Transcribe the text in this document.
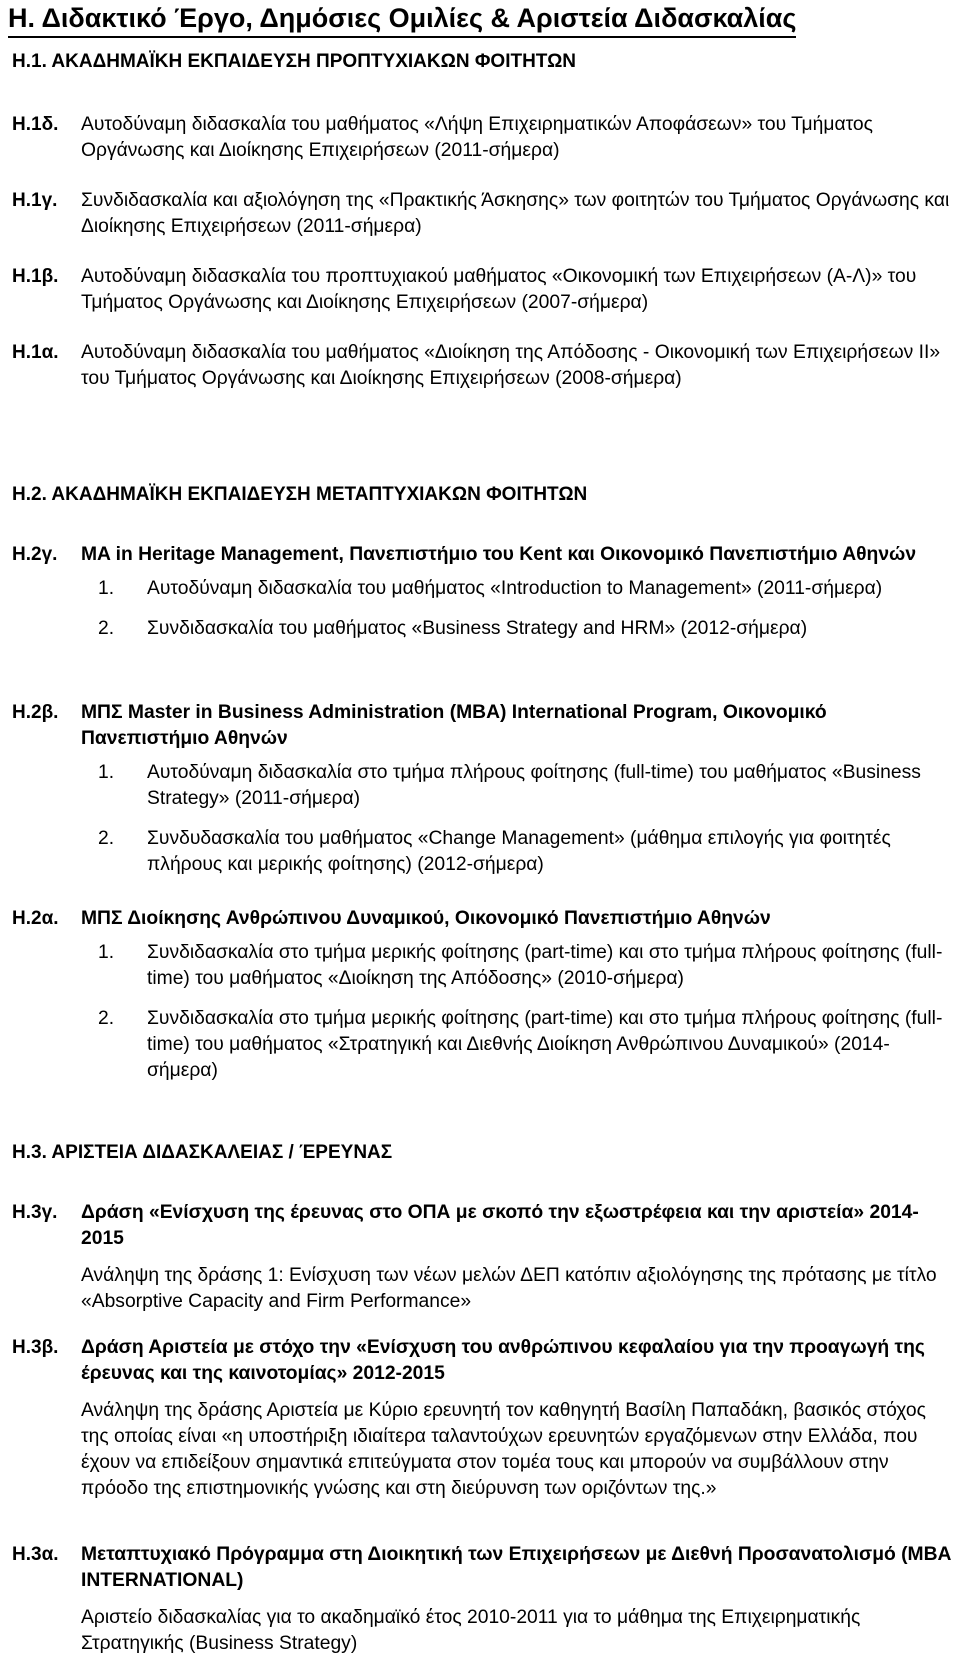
Η. Διδακτικό Έργο, Δημόσιες Ομιλίες & Αριστεία Διδασκαλίας
Η.1. ΑΚΑΔΗΜΑΪΚΗ ΕΚΠΑΙΔΕΥΣΗ ΠΡΟΠΤΥΧΙΑΚΩΝ ΦΟΙΤΗΤΩΝ
Η.1δ. Αυτοδύναμη διδασκαλία του μαθήματος «Λήψη Επιχειρηματικών Αποφάσεων» του Τμήματος Οργάνωσης και Διοίκησης Επιχειρήσεων (2011-σήμερα)
Η.1γ. Συνδιδασκαλία και αξιολόγηση της «Πρακτικής Άσκησης» των φοιτητών του Τμήματος Οργάνωσης και Διοίκησης Επιχειρήσεων (2011-σήμερα)
Η.1β. Αυτοδύναμη διδασκαλία του προπτυχιακού μαθήματος «Οικονομική των Επιχειρήσεων (Α-Λ)» του Τμήματος Οργάνωσης και Διοίκησης Επιχειρήσεων (2007-σήμερα)
Η.1α. Αυτοδύναμη διδασκαλία του μαθήματος «Διοίκηση της Απόδοσης - Οικονομική των Επιχειρήσεων ΙΙ» του Τμήματος Οργάνωσης και Διοίκησης Επιχειρήσεων (2008-σήμερα)
Η.2. ΑΚΑΔΗΜΑΪΚΗ ΕΚΠΑΙΔΕΥΣΗ ΜΕΤΑΠΤΥΧΙΑΚΩΝ ΦΟΙΤΗΤΩΝ
Η.2γ. MA in Heritage Management, Πανεπιστήμιο του Kent και Οικονομικό Πανεπιστήμιο Αθηνών
1.	Αυτοδύναμη διδασκαλία του μαθήματος «Introduction to Management» (2011-σήμερα)
2.	Συνδιδασκαλία του μαθήματος «Business Strategy and HRM» (2012-σήμερα)
Η.2β. ΜΠΣ Master in Business Administration (MBA) International Program, Οικονομικό Πανεπιστήμιο Αθηνών
1.	Αυτοδύναμη διδασκαλία στο τμήμα πλήρους φοίτησης (full-time) του μαθήματος «Business Strategy» (2011-σήμερα)
2.	Συνδυδασκαλία του μαθήματος «Change Management» (μάθημα επιλογής για φοιτητές πλήρους και μερικής φοίτησης) (2012-σήμερα)
Η.2α. ΜΠΣ Διοίκησης Ανθρώπινου Δυναμικού, Οικονομικό Πανεπιστήμιο Αθηνών
1.	Συνδιδασκαλία στο τμήμα μερικής φοίτησης (part-time) και στο τμήμα πλήρους φοίτησης (full-time) του μαθήματος «Διοίκηση της Απόδοσης» (2010-σήμερα)
2.	Συνδιδασκαλία στο τμήμα μερικής φοίτησης (part-time) και στο τμήμα πλήρους φοίτησης (full-time) του μαθήματος «Στρατηγική και Διεθνής Διοίκηση Ανθρώπινου Δυναμικού» (2014-σήμερα)
Η.3. ΑΡΙΣΤΕΙΑ ΔΙΔΑΣΚΑΛΕΙΑΣ / ΈΡΕΥΝΑΣ
Η.3γ. Δράση «Ενίσχυση της έρευνας στο ΟΠΑ με σκοπό την εξωστρέφεια και την αριστεία» 2014-2015
Ανάληψη της δράσης 1: Ενίσχυση των νέων μελών ΔΕΠ κατόπιν αξιολόγησης της πρότασης με τίτλο «Absorptive Capacity and Firm Performance»
Η.3β. Δράση Αριστεία με στόχο την «Ενίσχυση του ανθρώπινου κεφαλαίου για την προαγωγή της έρευνας και της καινοτομίας» 2012-2015
Ανάληψη της δράσης Αριστεία με Κύριο ερευνητή τον καθηγητή Βασίλη Παπαδάκη, βασικός στόχος της οποίας είναι «η υποστήριξη ιδιαίτερα ταλαντούχων ερευνητών εργαζόμενων στην Ελλάδα, που έχουν να επιδείξουν σημαντικά επιτεύγματα στον τομέα τους και μπορούν να συμβάλλουν στην πρόοδο της επιστημονικής γνώσης και στη διεύρυνση των οριζόντων της.»
Η.3α. Μεταπτυχιακό Πρόγραμμα στη Διοικητική των Επιχειρήσεων με Διεθνή Προσανατολισμό (MBA INTERNATIONAL)
Αριστείο διδασκαλίας για το ακαδημαϊκό έτος 2010-2011 για το μάθημα της Επιχειρηματικής Στρατηγικής (Business Strategy)
